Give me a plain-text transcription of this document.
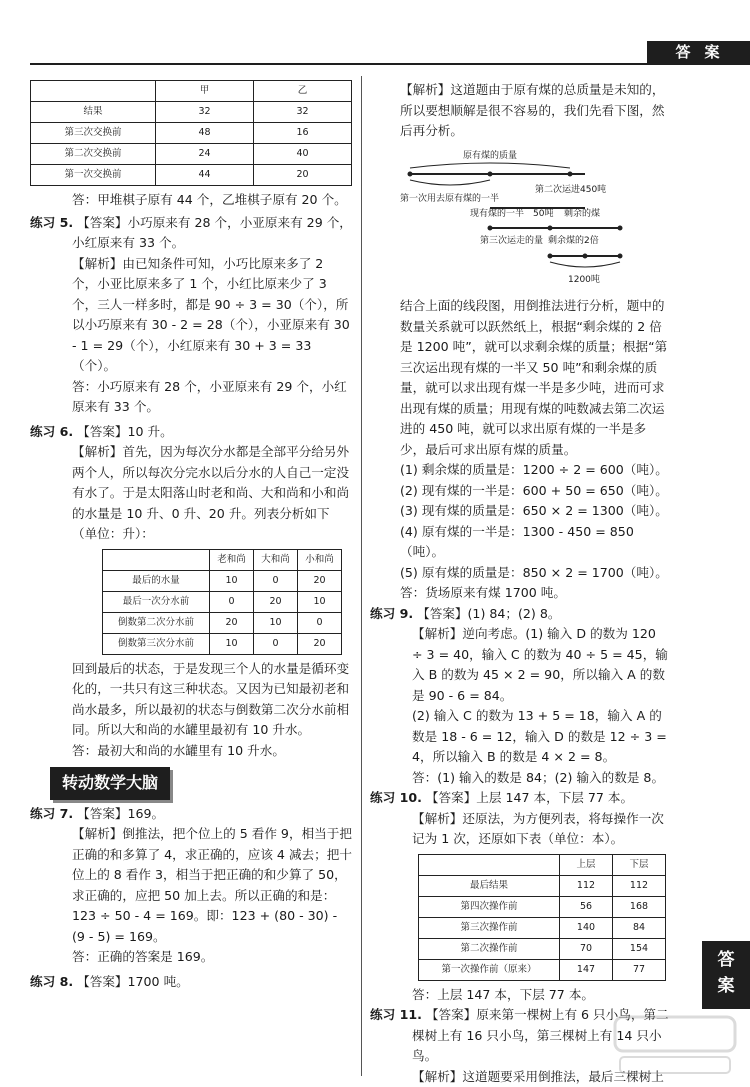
答案
	甲	乙
结果	32	32
第三次交换前	48	16
第二次交换前	24	40
第一次交换前	44	20

答：甲堆棋子原有 44 个，乙堆棋子原有 20 个。

练习 5. 【答案】小巧原来有 28 个，小亚原来有 29 个，小红原来有 33 个。

【解析】由已知条件可知，小巧比原来多了 2 个，小亚比原来多了 1 个，小红比原来少了 3 个，三人一样多时，都是 90 ÷ 3 = 30（个），所以小巧原来有 30 - 2 = 28（个），小亚原来有 30 - 1 = 29（个），小红原来有 30 + 3 = 33（个）。

答：小巧原来有 28 个，小亚原来有 29 个，小红原来有 33 个。

练习 6. 【答案】10 升。

【解析】首先，因为每次分水都是全部平分给另外两个人，所以每次分完水以后分水的人自己一定没有水了。于是太阳落山时老和尚、大和尚和小和尚的水量是 10 升、0 升、20 升。列表分析如下（单位：升）：

	老和尚	大和尚	小和尚
最后的水量	10	0	20
最后一次分水前	0	20	10
倒数第二次分水前	20	10	0
倒数第三次分水前	10	0	20

回到最后的状态，于是发现三个人的水量是循环变化的，一共只有这三种状态。又因为已知最初老和尚水最多，所以最初的状态与倒数第二次分水前相同。所以大和尚的水罐里最初有 10 升水。

答：最初大和尚的水罐里有 10 升水。

转动数学大脑

练习 7. 【答案】169。

【解析】倒推法，把个位上的 5 看作 9，相当于把正确的和多算了 4，求正确的，应该 4 减去；把十位上的 8 看作 3，相当于把正确的和少算了 50，求正确的，应把 50 加上去。所以正确的和是：123 ÷ 50 - 4 = 169。即：123 + (80 - 30) - (9 - 5) = 169。

答：正确的答案是 169。

练习 8. 【答案】1700 吨。

【解析】这道题由于原有煤的总质量是未知的，所以要想顺解是很不容易的，我们先看下图，然后再分析。

原有煤的质量
第一次用去原有煤的一半
第二次运进450吨
现有煤的一半 50吨 剩余的煤
第三次运走的量 剩余煤的2倍
1200吨

结合上面的线段图，用倒推法进行分析，题中的数量关系就可以跃然纸上，根据“剩余煤的 2 倍是 1200 吨”，就可以求剩余煤的质量；根据“第三次运出现有煤的一半又 50 吨”和剩余煤的质量，就可以求出现有煤一半是多少吨，进而可求出现有煤的质量；用现有煤的吨数减去第二次运进的 450 吨，就可以求出原有煤的一半是多少，最后可求出原有煤的质量。

(1) 剩余煤的质量是：1200 ÷ 2 = 600（吨）。

(2) 现有煤的一半是：600 + 50 = 650（吨）。

(3) 现有煤的质量是：650 × 2 = 1300（吨）。

(4) 原有煤的一半是：1300 - 450 = 850（吨）。

(5) 原有煤的质量是：850 × 2 = 1700（吨）。

答：货场原来有煤 1700 吨。

练习 9. 【答案】(1) 84；(2) 8。

【解析】逆向考虑。(1) 输入 D 的数为 120 ÷ 3 = 40，输入 C 的数为 40 ÷ 5 = 45，输入 B 的数为 45 × 2 = 90，所以输入 A 的数是 90 - 6 = 84。

(2) 输入 C 的数为 13 + 5 = 18，输入 A 的数是 18 - 6 = 12，输入 D 的数是 12 ÷ 3 = 4，所以输入 B 的数是 4 × 2 = 8。

答：(1) 输入的数是 84；(2) 输入的数是 8。

练习 10. 【答案】上层 147 本，下层 77 本。

【解析】还原法，为方便列表，将每操作一次记为 1 次，还原如下表（单位：本）。

	上层	下层
最后结果	112	112
第四次操作前	56	168
第三次操作前	140	84
第二次操作前	70	154
第一次操作前（原来）	147	77

答：上层 147 本，下层 77 本。

练习 11. 【答案】原来第一棵树上有 6 只小鸟，第二棵树上有 16 只小鸟，第三棵树上有 14 只小鸟。

【解析】这道题要采用倒推法，最后三棵树上

答
案
